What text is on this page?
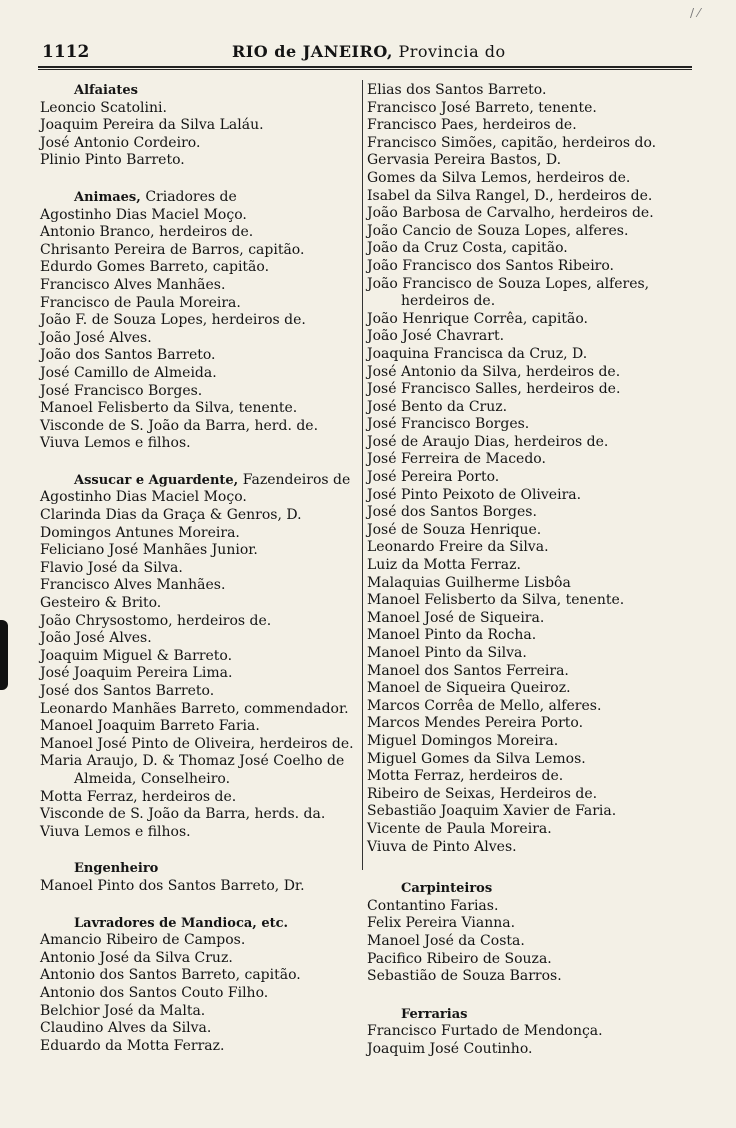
/ ⁄
1112	RIO de JANEIRO, Provincia do
Alfaiates
Leoncio Scatolini.
Joaquim Pereira da Silva Laláu.
José Antonio Cordeiro.
Plinio Pinto Barreto.
Animaes, Criadores de
Agostinho Dias Maciel Moço.
Antonio Branco, herdeiros de.
Chrisanto Pereira de Barros, capitão.
Edurdo Gomes Barreto, capitão.
Francisco Alves Manhães.
Francisco de Paula Moreira.
João F. de Souza Lopes, herdeiros de.
João José Alves.
João dos Santos Barreto.
José Camillo de Almeida.
José Francisco Borges.
Manoel Felisberto da Silva, tenente.
Visconde de S. João da Barra, herd. de.
Viuva Lemos e filhos.
Assucar e Aguardente, Fazendeiros de
Agostinho Dias Maciel Moço.
Clarinda Dias da Graça & Genros, D.
Domingos Antunes Moreira.
Feliciano José Manhães Junior.
Flavio José da Silva.
Francisco Alves Manhães.
Gesteiro & Brito.
João Chrysostomo, herdeiros de.
João José Alves.
Joaquim Miguel & Barreto.
José Joaquim Pereira Lima.
José dos Santos Barreto.
Leonardo Manhães Barreto, commendador.
Manoel Joaquim Barreto Faria.
Manoel José Pinto de Oliveira, herdeiros de.
Maria Araujo, D. & Thomaz José Coelho de
Almeida, Conselheiro.
Motta Ferraz, herdeiros de.
Visconde de S. João da Barra, herds. da.
Viuva Lemos e filhos.
Engenheiro
Manoel Pinto dos Santos Barreto, Dr.
Lavradores de Mandioca, etc.
Amancio Ribeiro de Campos.
Antonio José da Silva Cruz.
Antonio dos Santos Barreto, capitão.
Antonio dos Santos Couto Filho.
Belchior José da Malta.
Claudino Alves da Silva.
Eduardo da Motta Ferraz.
Elias dos Santos Barreto.
Francisco José Barreto, tenente.
Francisco Paes, herdeiros de.
Francisco Simões, capitão, herdeiros do.
Gervasia Pereira Bastos, D.
Gomes da Silva Lemos, herdeiros de.
Isabel da Silva Rangel, D., herdeiros de.
João Barbosa de Carvalho, herdeiros de.
João Cancio de Souza Lopes, alferes.
João da Cruz Costa, capitão.
João Francisco dos Santos Ribeiro.
João Francisco de Souza Lopes, alferes,
herdeiros de.
João Henrique Corrêa, capitão.
João José Chavrart.
Joaquina Francisca da Cruz, D.
José Antonio da Silva, herdeiros de.
José Francisco Salles, herdeiros de.
José Bento da Cruz.
José Francisco Borges.
José de Araujo Dias, herdeiros de.
José Ferreira de Macedo.
José Pereira Porto.
José Pinto Peixoto de Oliveira.
José dos Santos Borges.
José de Souza Henrique.
Leonardo Freire da Silva.
Luiz da Motta Ferraz.
Malaquias Guilherme Lisbôa
Manoel Felisberto da Silva, tenente.
Manoel José de Siqueira.
Manoel Pinto da Rocha.
Manoel Pinto da Silva.
Manoel dos Santos Ferreira.
Manoel de Siqueira Queiroz.
Marcos Corrêa de Mello, alferes.
Marcos Mendes Pereira Porto.
Miguel Domingos Moreira.
Miguel Gomes da Silva Lemos.
Motta Ferraz, herdeiros de.
Ribeiro de Seixas, Herdeiros de.
Sebastião Joaquim Xavier de Faria.
Vicente de Paula Moreira.
Viuva de Pinto Alves.
Carpinteiros
Contantino Farias.
Felix Pereira Vianna.
Manoel José da Costa.
Pacifico Ribeiro de Souza.
Sebastião de Souza Barros.
Ferrarias
Francisco Furtado de Mendonça.
Joaquim José Coutinho.
